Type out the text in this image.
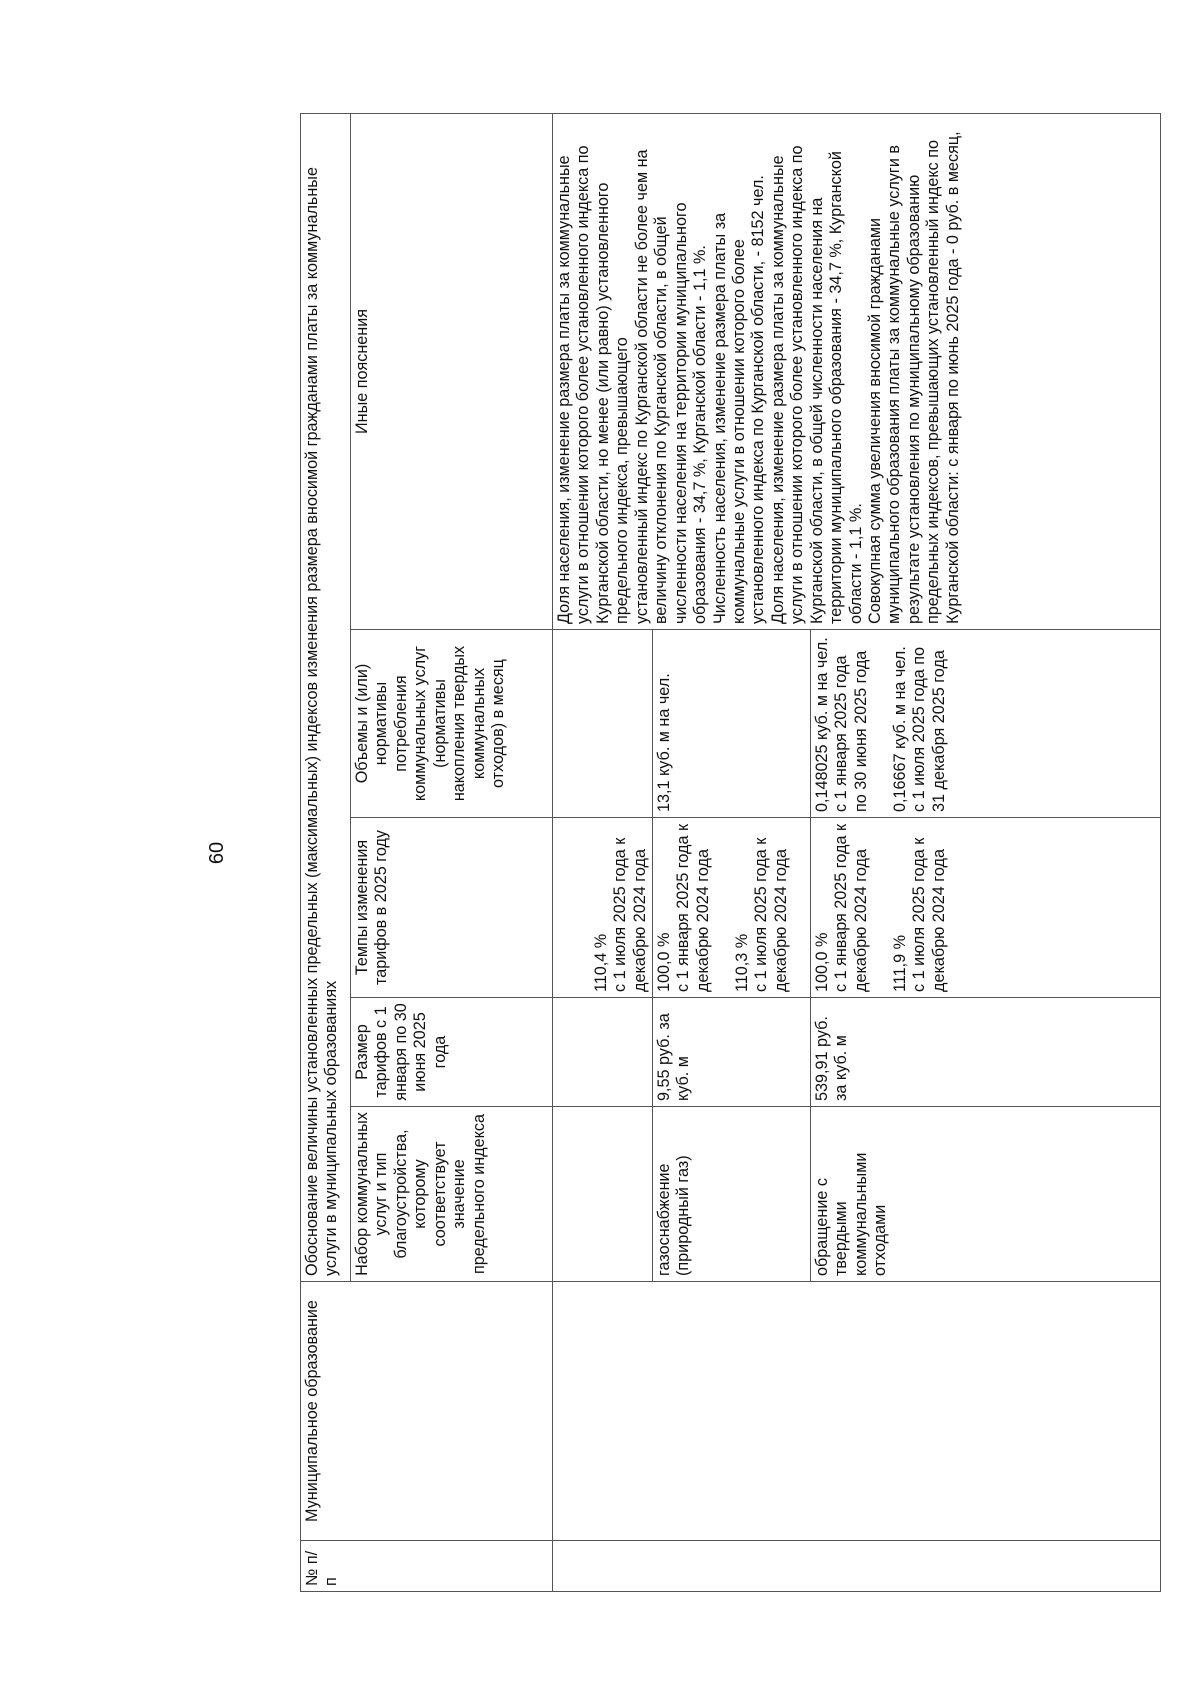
60
№ п/п	Муниципальное образование	Обоснование величины установленных предельных (максимальных) индексов изменения размера вносимой гражданами платы за коммунальные услуги в муниципальных образованиях				
		Набор коммунальных услуг и тип благоустройства, которому соответствует значение предельного индекса	Размер тарифов с 1 января по 30 июня 2025 года	Темпы изменения тарифов в 2025 году	Объемы и (или) нормативы потребления коммунальных услуг (нормативы накопления твердых коммунальных отходов) в месяц	Иные пояснения

				110,4 % с 1 июля 2025 года к декабрю 2024 года		Доля населения, изменение размера платы за коммунальные услуги в отношении которого более установленного индекса по Курганской области, но менее (или равно) установленного предельного индекса, превышающего установленный индекс по Курганской области не более чем на величину отклонения по Курганской области, в общей численности населения на территории муниципального образования - 34,7 %, Курганской области - 1,1 %. Численность населения, изменение размера платы за коммунальные услуги в отношении которого более установленного индекса по Курганской области, - 8152 чел. Доля населения, изменение размера платы за коммунальные услуги в отношении которого более установленного индекса по Курганской области, в общей численности населения на территории муниципального образования - 34,7 %, Курганской области - 1,1 %. Совокупная сумма увеличения вносимой гражданами муниципального образования платы за коммунальные услуги в результате установления по муниципальному образованию предельных индексов, превышающих установленный индекс по Курганской области: с января по июнь 2025 года - 0 руб. в месяц,

		газоснабжение (природный газ)	9,55 руб. за куб. м	100,0 % с 1 января 2025 года к декабрю 2024 года 110,3 % с 1 июля 2025 года к декабрю 2024 года	13,1 куб. м на чел.	
		обращение с твердыми коммунальными отходами	539,91 руб. за куб. м	100,0 % с 1 января 2025 года к декабрю 2024 года 111,9 % с 1 июля 2025 года к декабрю 2024 года	0,148025 куб. м на чел. с 1 января 2025 года по 30 июня 2025 года 0,16667 куб. м на чел. с 1 июля 2025 года по 31 декабря 2025 года	
